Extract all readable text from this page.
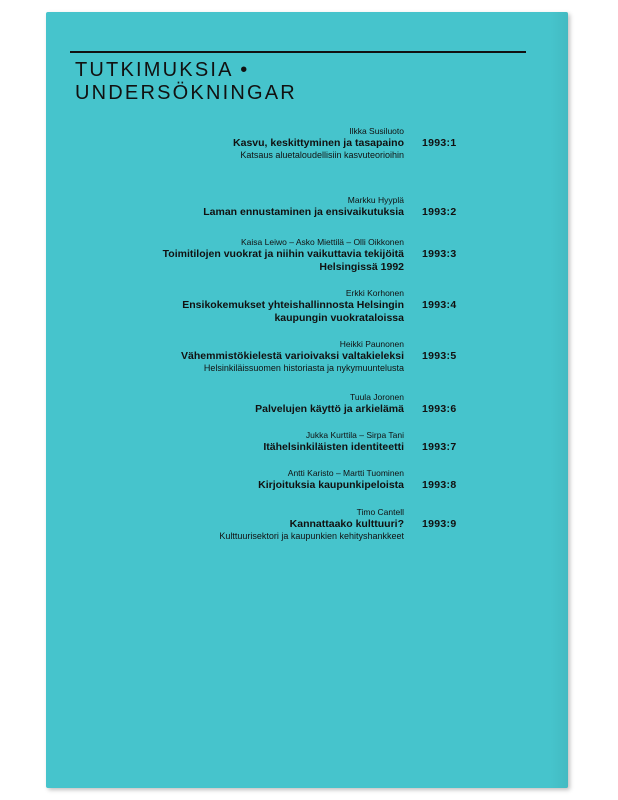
TUTKIMUKSIA •
UNDERSÖKNINGAR
Ilkka Susiluoto
Kasvu, keskittyminen ja tasapaino
Katsaus aluetaloudellisiin kasvuteorioihin
1993:1
Markku Hyyplä
Laman ennustaminen ja ensivaikutuksia 1993:2
Kaisa Leiwo – Asko Miettilä – Olli Oikkonen
Toimitilojen vuokrat ja niihin vaikuttavia tekijöitä Helsingissä 1992
1993:3
Erkki Korhonen
Ensikokemukset yhteishallinnosta Helsingin kaupungin vuokrataloissa
1993:4
Heikki Paunonen
Vähemmistökielestä varioivaksi valtakieleksi
Helsinkiläissuomen historiasta ja nykymuuntelusta
1993:5
Tuula Joronen
Palvelujen käyttö ja arkielämä 1993:6
Jukka Kurttila – Sirpa Tani
Itähelsinkiläisten identiteetti 1993:7
Antti Karisto – Martti Tuominen
Kirjoituksia kaupunkipeloista 1993:8
Timo Cantell
Kannattaako kulttuuri?
Kulttuurisektori ja kaupunkien kehityshankkeet
1993:9
